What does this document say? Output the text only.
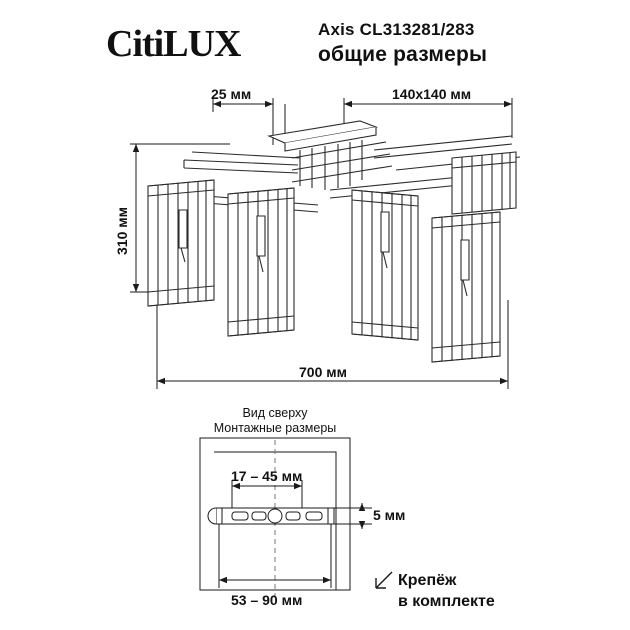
CitiLUX	Axis CL313281/283
общие размеры
25 мм	140x140 мм
310 мм
700 мм
Вид сверху
Монтажные размеры
17 – 45 мм
5 мм
53 – 90 мм
Крепёж
в комплекте
